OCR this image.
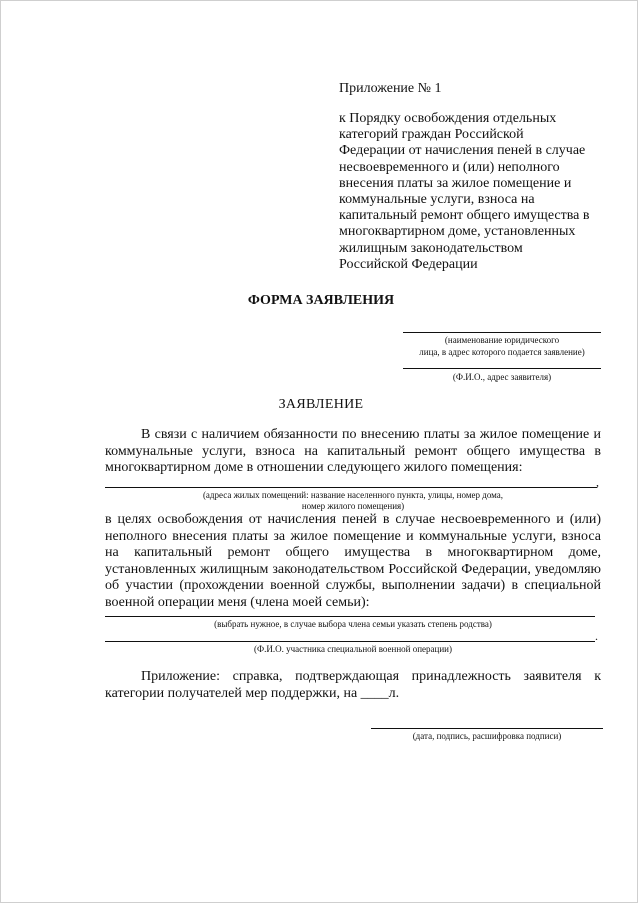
Приложение № 1
к Порядку освобождения отдельных
категорий граждан Российской
Федерации от начисления пеней в случае
несвоевременного и (или) неполного
внесения платы за жилое помещение и
коммунальные услуги, взноса на
капитальный ремонт общего имущества в
многоквартирном доме, установленных
жилищным законодательством
Российской Федерации
ФОРМА ЗАЯВЛЕНИЯ
(наименование юридического
лица, в адрес которого подается заявление)
(Ф.И.О., адрес заявителя)
ЗАЯВЛЕНИЕ
В связи с наличием обязанности по внесению платы за жилое помещение и коммунальные услуги, взноса на капитальный ремонт общего имущества в многоквартирном доме в отношении следующего жилого помещения:
,
(адреса жилых помещений: название населенного пункта, улицы, номер дома,
номер жилого помещения)
в целях освобождения от начисления пеней в случае несвоевременного и (или) неполного внесения платы за жилое помещение и коммунальные услуги, взноса на капитальный ремонт общего имущества в многоквартирном доме, установленных жилищным законодательством Российской Федерации, уведомляю об участии (прохождении военной службы, выполнении задачи) в специальной военной операции меня (члена моей семьи):
(выбрать нужное, в случае выбора члена семьи указать степень родства)
.
(Ф.И.О. участника специальной военной операции)
Приложение: справка, подтверждающая принадлежность заявителя к категории получателей мер поддержки, на ____л.
(дата, подпись, расшифровка подписи)
